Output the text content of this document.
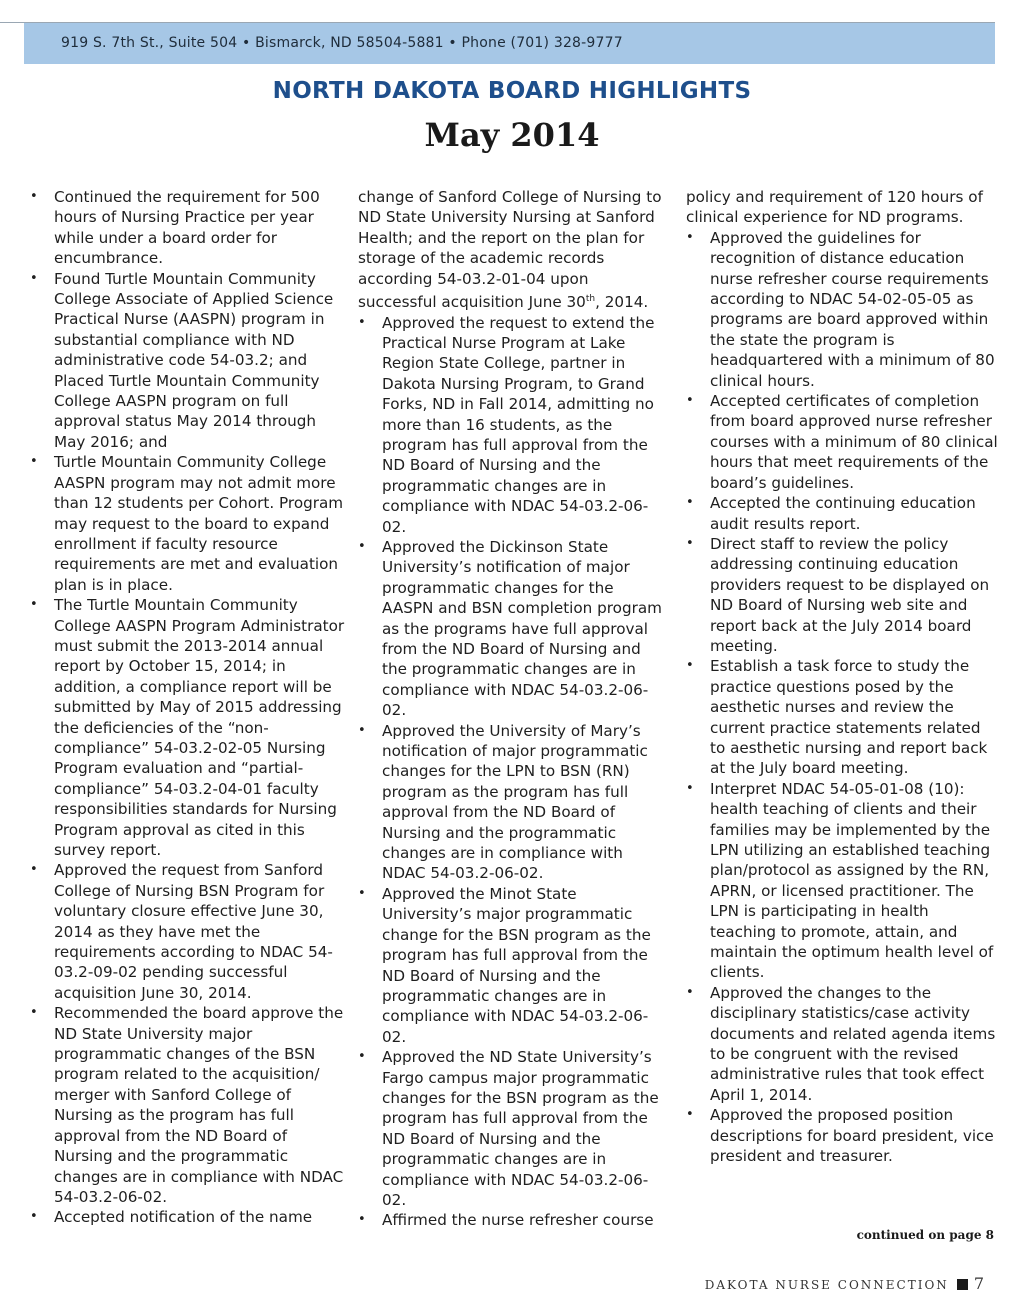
919 S. 7th St., Suite 504 • Bismarck, ND 58504-5881 • Phone (701) 328-9777
NORTH DAKOTA BOARD HIGHLIGHTS
May 2014
• Continued the requirement for 500 hours of Nursing Practice per year while under a board order for encumbrance.
• Found Turtle Mountain Community College Associate of Applied Science Practical Nurse (AASPN) program in substantial compliance with ND administrative code 54-03.2; and Placed Turtle Mountain Community College AASPN program on full approval status May 2014 through May 2016; and
• Turtle Mountain Community College AASPN program may not admit more than 12 students per Cohort. Program may request to the board to expand enrollment if faculty resource requirements are met and evaluation plan is in place.
• The Turtle Mountain Community College AASPN Program Administrator must submit the 2013-2014 annual report by October 15, 2014; in addition, a compliance report will be submitted by May of 2015 addressing the deficiencies of the “non-compliance” 54-03.2-02-05 Nursing Program evaluation and “partial-compliance” 54-03.2-04-01 faculty responsibilities standards for Nursing Program approval as cited in this survey report.
• Approved the request from Sanford College of Nursing BSN Program for voluntary closure effective June 30, 2014 as they have met the requirements according to NDAC 54-03.2-09-02 pending successful acquisition June 30, 2014.
• Recommended the board approve the ND State University major programmatic changes of the BSN program related to the acquisition/ merger with Sanford College of Nursing as the program has full approval from the ND Board of Nursing and the programmatic changes are in compliance with NDAC 54-03.2-06-02.
• Accepted notification of the name
change of Sanford College of Nursing to ND State University Nursing at Sanford Health; and the report on the plan for storage of the academic records according 54-03.2-01-04 upon successful acquisition June 30th, 2014.
• Approved the request to extend the Practical Nurse Program at Lake Region State College, partner in Dakota Nursing Program, to Grand Forks, ND in Fall 2014, admitting no more than 16 students, as the program has full approval from the ND Board of Nursing and the programmatic changes are in compliance with NDAC 54-03.2-06-02.
• Approved the Dickinson State University’s notification of major programmatic changes for the AASPN and BSN completion program as the programs have full approval from the ND Board of Nursing and the programmatic changes are in compliance with NDAC 54-03.2-06-02.
• Approved the University of Mary’s notification of major programmatic changes for the LPN to BSN (RN) program as the program has full approval from the ND Board of Nursing and the programmatic changes are in compliance with NDAC 54-03.2-06-02.
• Approved the Minot State University’s major programmatic change for the BSN program as the program has full approval from the ND Board of Nursing and the programmatic changes are in compliance with NDAC 54-03.2-06-02.
• Approved the ND State University’s Fargo campus major programmatic changes for the BSN program as the program has full approval from the ND Board of Nursing and the programmatic changes are in compliance with NDAC 54-03.2-06-02.
• Affirmed the nurse refresher course
policy and requirement of 120 hours of clinical experience for ND programs.
• Approved the guidelines for recognition of distance education nurse refresher course requirements according to NDAC 54-02-05-05 as programs are board approved within the state the program is headquartered with a minimum of 80 clinical hours.
• Accepted certificates of completion from board approved nurse refresher courses with a minimum of 80 clinical hours that meet requirements of the board’s guidelines.
• Accepted the continuing education audit results report.
• Direct staff to review the policy addressing continuing education providers request to be displayed on ND Board of Nursing web site and report back at the July 2014 board meeting.
• Establish a task force to study the practice questions posed by the aesthetic nurses and review the current practice statements related to aesthetic nursing and report back at the July board meeting.
• Interpret NDAC 54-05-01-08 (10): health teaching of clients and their families may be implemented by the LPN utilizing an established teaching plan/protocol as assigned by the RN, APRN, or licensed practitioner. The LPN is participating in health teaching to promote, attain, and maintain the optimum health level of clients.
• Approved the changes to the disciplinary statistics/case activity documents and related agenda items to be congruent with the revised administrative rules that took effect April 1, 2014.
• Approved the proposed position descriptions for board president, vice president and treasurer.
continued on page 8
DAKOTA NURSE CONNECTION 7
